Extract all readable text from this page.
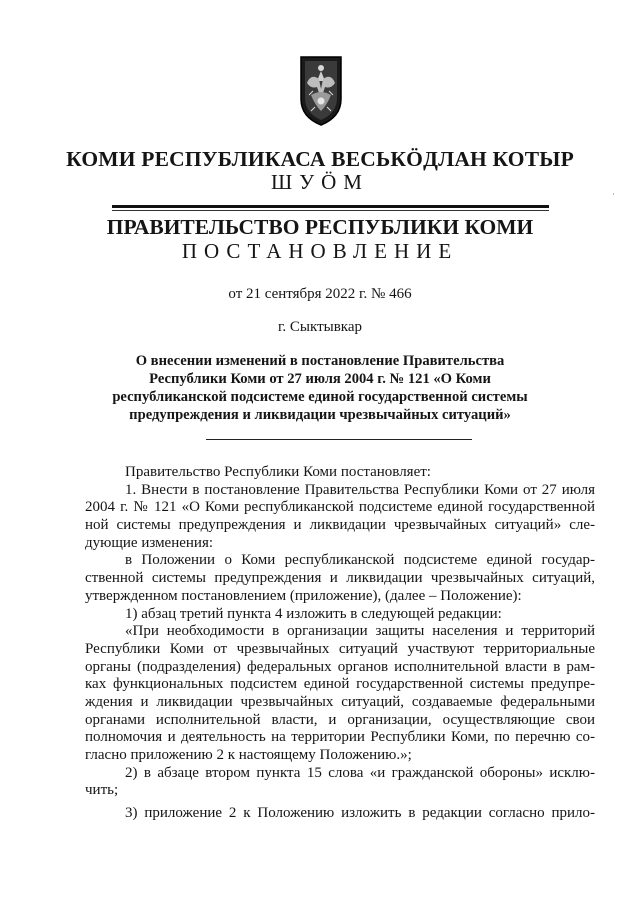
КОМИ РЕСПУБЛИКАСА ВЕСЬКӦДЛАН КОТЫР
ШУӦМ
ПРАВИТЕЛЬСТВО РЕСПУБЛИКИ КОМИ
ПОСТАНОВЛЕНИЕ
от 21 сентября 2022 г. № 466
г. Сыктывкар
О внесении изменений в постановление Правительства
Республики Коми от 27 июля 2004 г. № 121 «О Коми
республиканской подсистеме единой государственной системы
предупреждения и ликвидации чрезвычайных ситуаций»
Правительство Республики Коми постановляет:
1. Внести в постановление Правительства Республики Коми от 27 июля
2004 г. № 121 «О Коми республиканской подсистеме единой государственной
ной системы предупреждения и ликвидации чрезвычайных ситуаций» сле-
дующие изменения:
в Положении о Коми республиканской подсистеме единой государ-
ственной системы предупреждения и ликвидации чрезвычайных ситуаций,
утвержденном постановлением (приложение), (далее – Положение):
1) абзац третий пункта 4 изложить в следующей редакции:
«При необходимости в организации защиты населения и территорий
Республики Коми от чрезвычайных ситуаций участвуют территориальные
органы (подразделения) федеральных органов исполнительной власти в рам-
ках функциональных подсистем единой государственной системы предупре-
ждения и ликвидации чрезвычайных ситуаций, создаваемые федеральными
органами исполнительной власти, и организации, осуществляющие свои
полномочия и деятельность на территории Республики Коми, по перечню со-
гласно приложению 2 к настоящему Положению.»;
2) в абзаце втором пункта 15 слова «и гражданской обороны» исклю-
чить;
3) приложение 2 к Положению изложить в редакции согласно прило-
·
